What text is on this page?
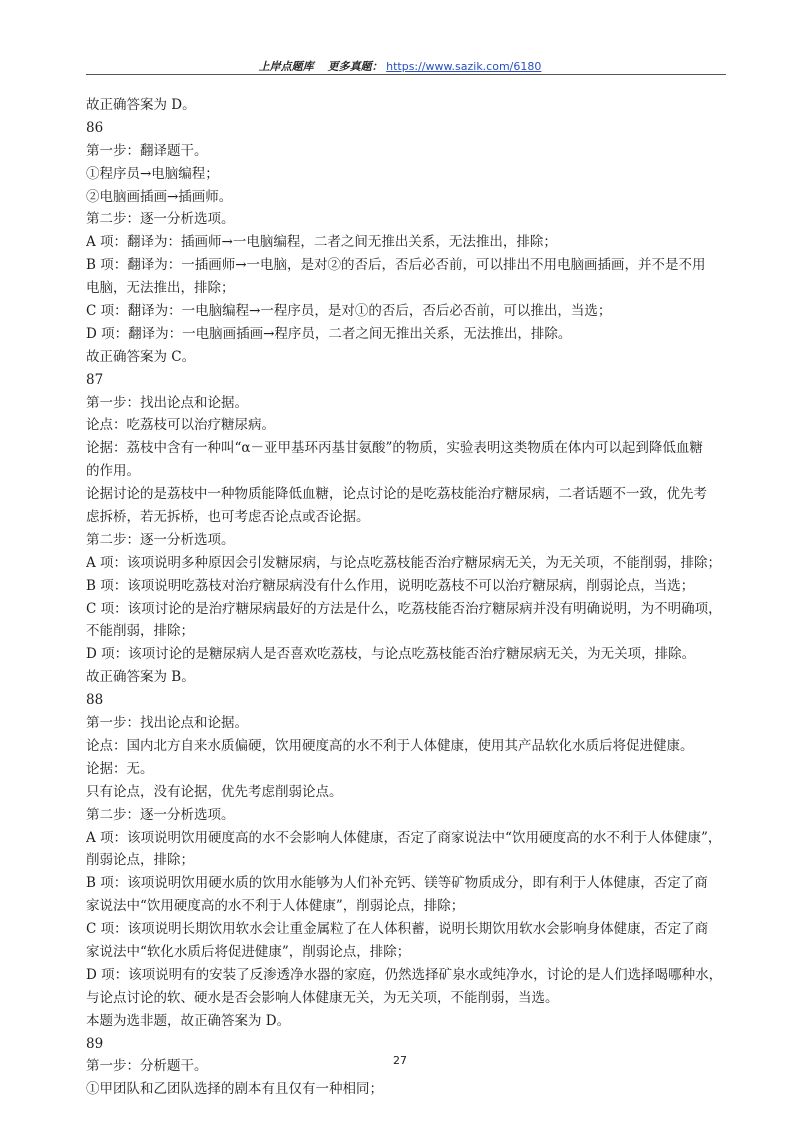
上岸点题库 更多真题： https://www.sazik.com/6180
故正确答案为 D。
86
第一步：翻译题干。
①程序员→电脑编程；
②电脑画插画→插画师。
第二步：逐一分析选项。
A 项：翻译为：插画师→一电脑编程，二者之间无推出关系，无法推出，排除；
B 项：翻译为：一插画师→一电脑，是对②的否后，否后必否前，可以排出不用电脑画插画，并不是不用
电脑，无法推出，排除；
C 项：翻译为：一电脑编程→一程序员，是对①的否后，否后必否前，可以推出，当选；
D 项：翻译为：一电脑画插画→程序员，二者之间无推出关系，无法推出，排除。
故正确答案为 C。
87
第一步：找出论点和论据。
论点：吃荔枝可以治疗糖尿病。
论据：荔枝中含有一种叫“α－亚甲基环丙基甘氨酸”的物质，实验表明这类物质在体内可以起到降低血糖
的作用。
论据讨论的是荔枝中一种物质能降低血糖，论点讨论的是吃荔枝能治疗糖尿病，二者话题不一致，优先考
虑拆桥，若无拆桥，也可考虑否论点或否论据。
第二步：逐一分析选项。
A 项：该项说明多种原因会引发糖尿病，与论点吃荔枝能否治疗糖尿病无关，为无关项，不能削弱，排除；
B 项：该项说明吃荔枝对治疗糖尿病没有什么作用，说明吃荔枝不可以治疗糖尿病，削弱论点，当选；
C 项：该项讨论的是治疗糖尿病最好的方法是什么，吃荔枝能否治疗糖尿病并没有明确说明，为不明确项，
不能削弱，排除；
D 项：该项讨论的是糖尿病人是否喜欢吃荔枝，与论点吃荔枝能否治疗糖尿病无关，为无关项，排除。
故正确答案为 B。
88
第一步：找出论点和论据。
论点：国内北方自来水质偏硬，饮用硬度高的水不利于人体健康，使用其产品软化水质后将促进健康。
论据：无。
只有论点，没有论据，优先考虑削弱论点。
第二步：逐一分析选项。
A 项：该项说明饮用硬度高的水不会影响人体健康，否定了商家说法中“饮用硬度高的水不利于人体健康”，
削弱论点，排除；
B 项：该项说明饮用硬水质的饮用水能够为人们补充钙、镁等矿物质成分，即有利于人体健康，否定了商
家说法中“饮用硬度高的水不利于人体健康”，削弱论点，排除；
C 项：该项说明长期饮用软水会让重金属粒了在人体积蓄，说明长期饮用软水会影响身体健康，否定了商
家说法中“软化水质后将促进健康”，削弱论点，排除；
D 项：该项说明有的安装了反渗透净水器的家庭，仍然选择矿泉水或纯净水，讨论的是人们选择喝哪种水，
与论点讨论的软、硬水是否会影响人体健康无关，为无关项，不能削弱，当选。
本题为选非题，故正确答案为 D。
89
第一步：分析题干。
①甲团队和乙团队选择的剧本有且仅有一种相同；
27
